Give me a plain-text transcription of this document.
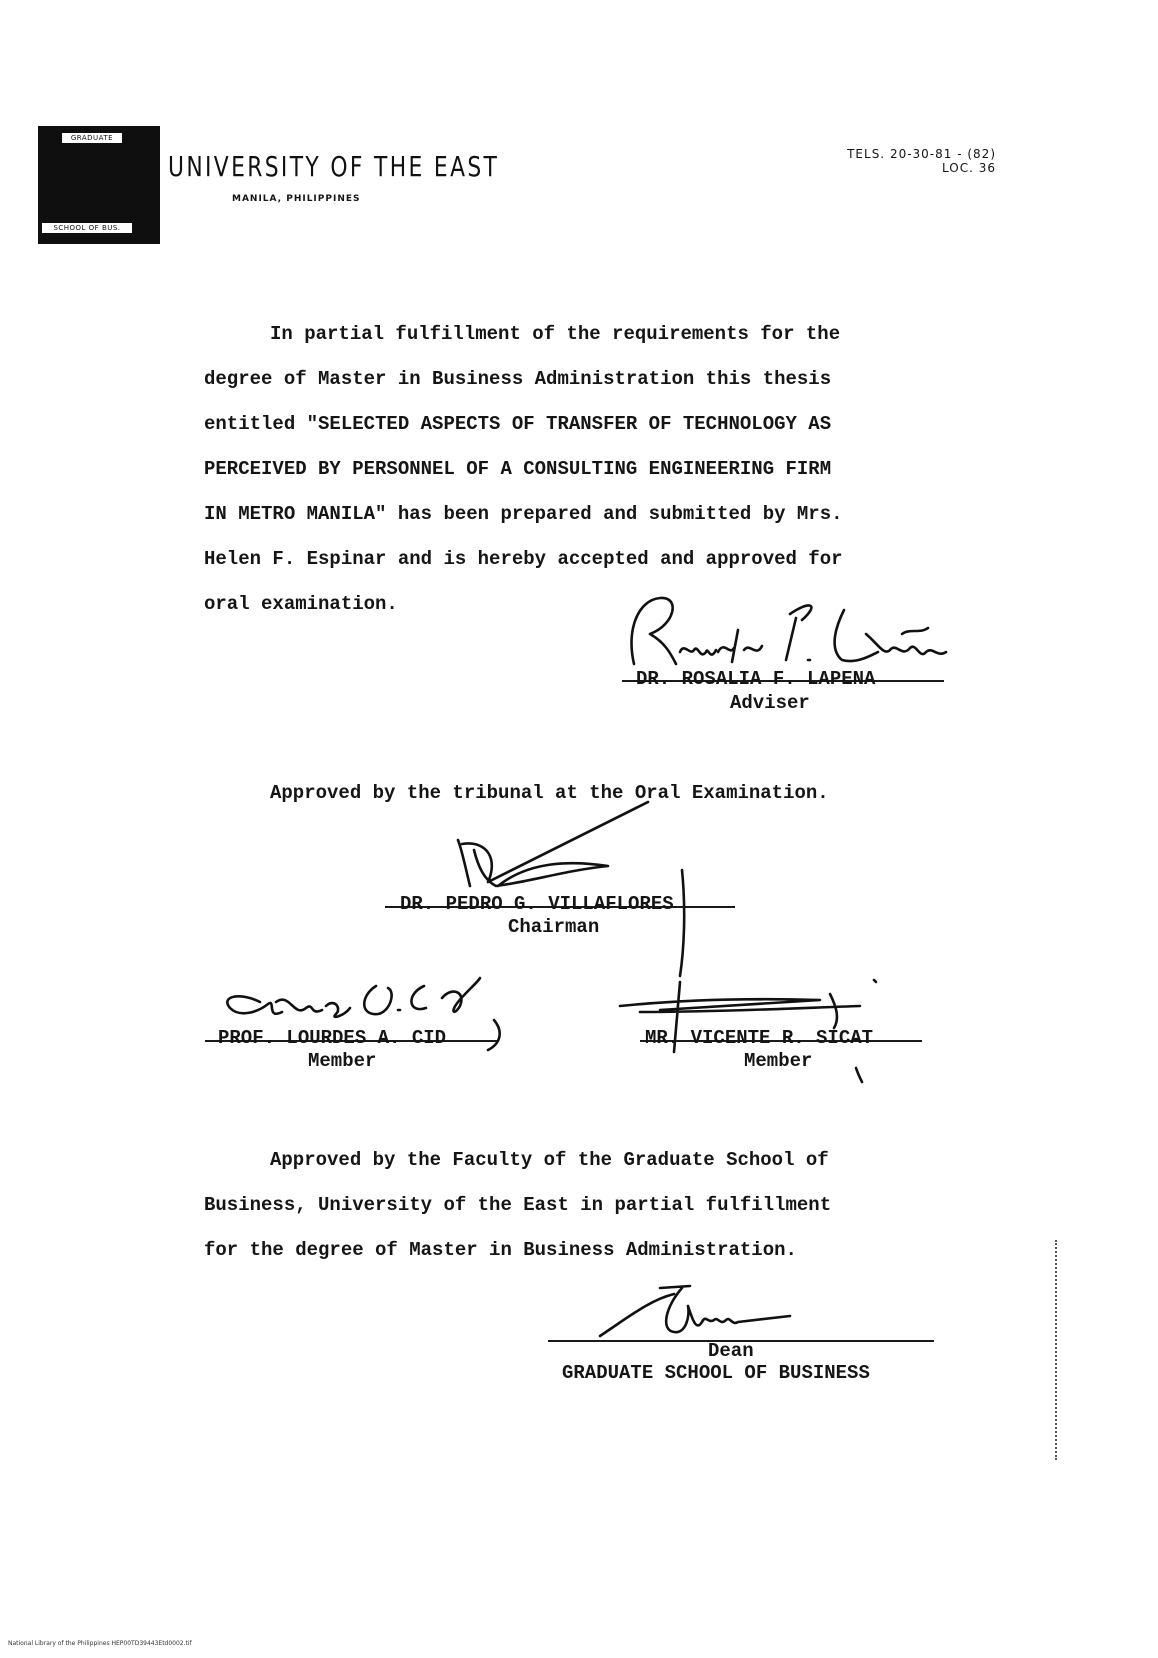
GRADUATE
SCHOOL OF BUS.
UNIVERSITY OF THE EAST
MANILA, PHILIPPINES
TELS. 20-30-81 - (82)
LOC. 36
In partial fulfillment of the requirements for the
degree of Master in Business Administration this thesis
entitled "SELECTED ASPECTS OF TRANSFER OF TECHNOLOGY AS
PERCEIVED BY PERSONNEL OF A CONSULTING ENGINEERING FIRM
IN METRO MANILA" has been prepared and submitted by Mrs.
Helen F. Espinar and is hereby accepted and approved for
oral examination.
DR. ROSALIA F. LAPENA
Adviser
Approved by the tribunal at the Oral Examination.
DR. PEDRO G. VILLAFLORES
Chairman
PROF. LOURDES A. CID
Member
MR. VICENTE R. SICAT
Member
Approved by the Faculty of the Graduate School of
Business, University of the East in partial fulfillment
for the degree of Master in Business Administration.
Dean
GRADUATE SCHOOL OF BUSINESS
National Library of the Philippines HEP00TD39443Etd0002.tif
